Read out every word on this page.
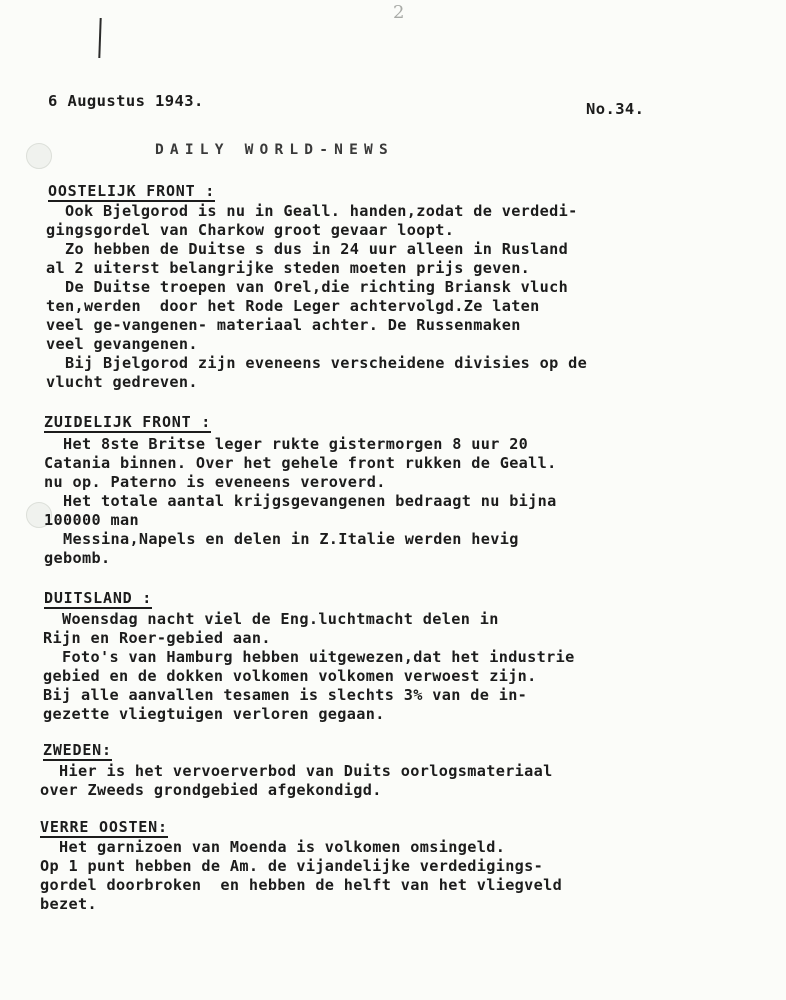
2
6 Augustus 1943.	No.34.
DAILY WORLD-NEWS
OOSTELIJK FRONT :
Ook Bjelgorod is nu in Geall. handen,zodat de verdedi-
gingsgordel van Charkow groot gevaar loopt.
Zo hebben de Duitse s dus in 24 uur alleen in Rusland
al 2 uiterst belangrijke steden moeten prijs geven.
De Duitse troepen van Orel,die richting Briansk vluch
ten,werden  door het Rode Leger achtervolgd.Ze laten
veel ge-vangenen- materiaal achter. De Russenmaken
veel gevangenen.
Bij Bjelgorod zijn eveneens verscheidene divisies op de
vlucht gedreven.
ZUIDELIJK FRONT :
Het 8ste Britse leger rukte gistermorgen 8 uur 20
Catania binnen. Over het gehele front rukken de Geall.
nu op. Paterno is eveneens veroverd.
Het totale aantal krijgsgevangenen bedraagt nu bijna
100000 man
Messina,Napels en delen in Z.Italie werden hevig
gebomb.
DUITSLAND :
Woensdag nacht viel de Eng.luchtmacht delen in
Rijn en Roer-gebied aan.
Foto's van Hamburg hebben uitgewezen,dat het industrie
gebied en de dokken volkomen volkomen verwoest zijn.
Bij alle aanvallen tesamen is slechts 3% van de in-
gezette vliegtuigen verloren gegaan.
ZWEDEN:
Hier is het vervoerverbod van Duits oorlogsmateriaal
over Zweeds grondgebied afgekondigd.
VERRE OOSTEN:
Het garnizoen van Moenda is volkomen omsingeld.
Op 1 punt hebben de Am. de vijandelijke verdedigings-
gordel doorbroken  en hebben de helft van het vliegveld
bezet.
